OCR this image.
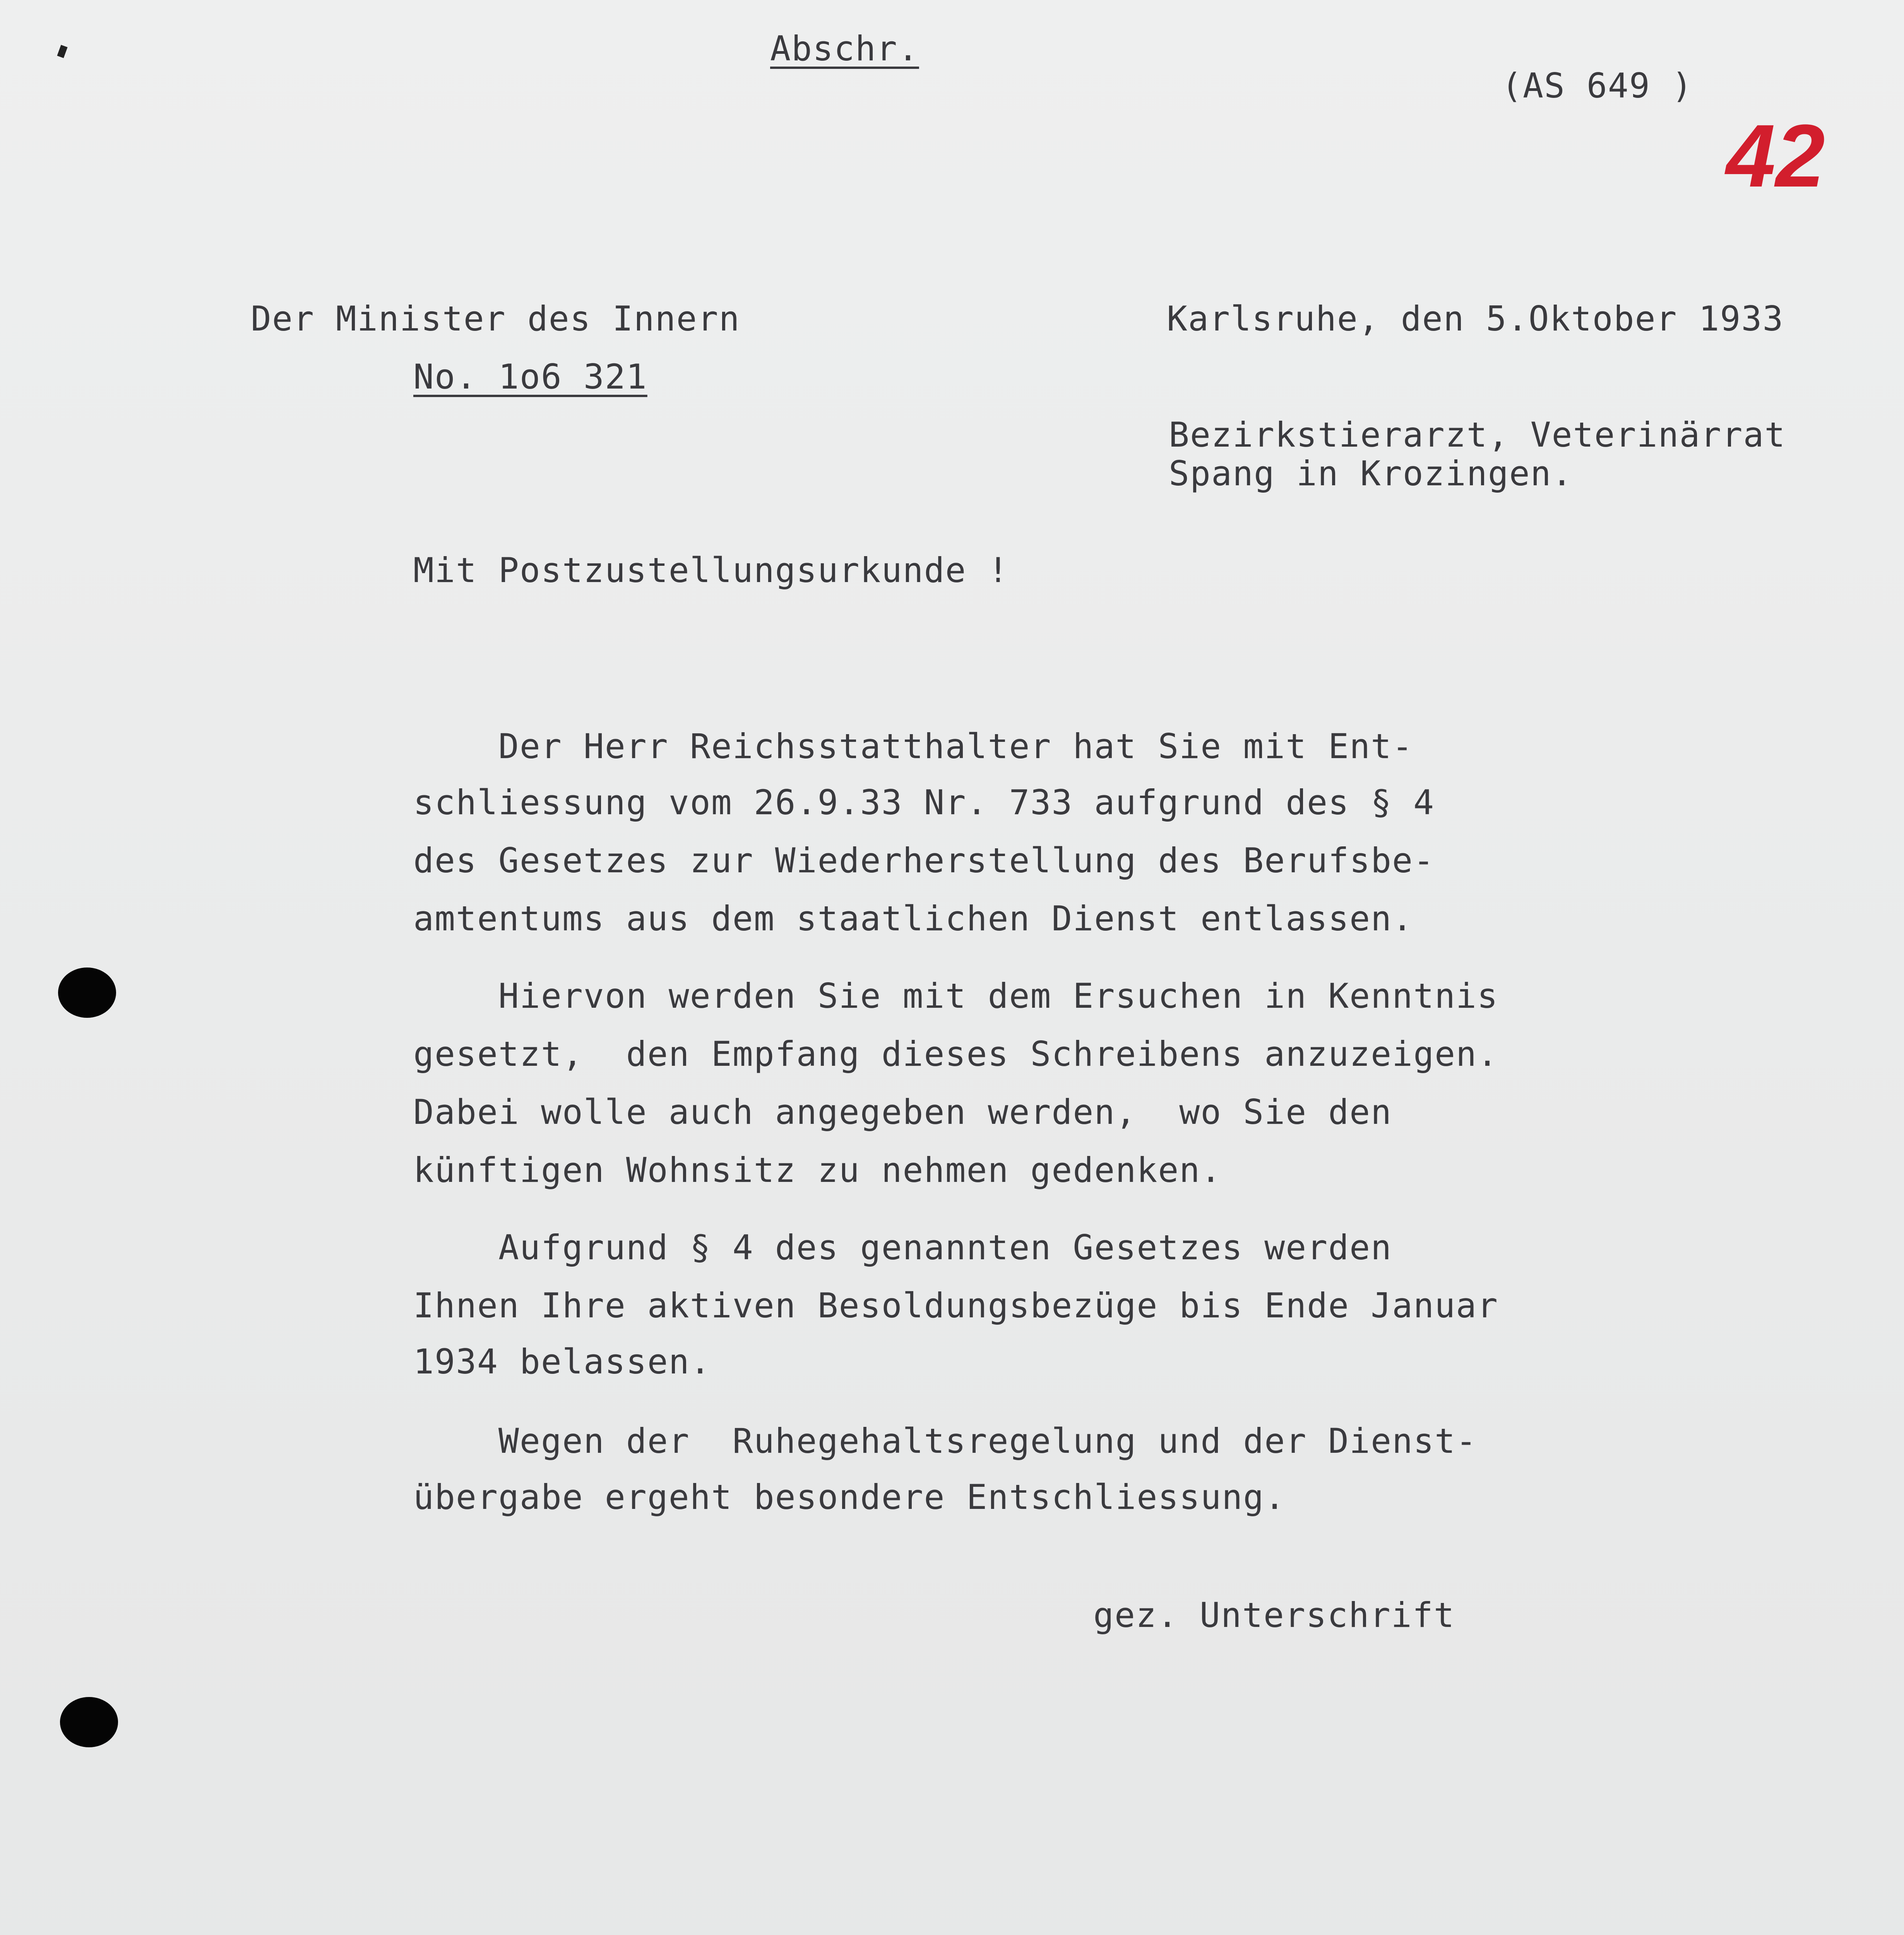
Abschr.
(AS 649 )
42
Der Minister des Innern
No. 1o6 321
Karlsruhe, den 5.Oktober 1933
Bezirkstierarzt, Veterinärrat
Spang in Krozingen.
Mit Postzustellungsurkunde !
Der Herr Reichsstatthalter hat Sie mit Ent-
schliessung vom 26.9.33 Nr. 733 aufgrund des § 4
des Gesetzes zur Wiederherstellung des Berufsbe-
amtentums aus dem staatlichen Dienst entlassen.
Hiervon werden Sie mit dem Ersuchen in Kenntnis
gesetzt,  den Empfang dieses Schreibens anzuzeigen.
Dabei wolle auch angegeben werden,  wo Sie den
künftigen Wohnsitz zu nehmen gedenken.
Aufgrund § 4 des genannten Gesetzes werden
Ihnen Ihre aktiven Besoldungsbezüge bis Ende Januar
1934 belassen.
Wegen der  Ruhegehaltsregelung und der Dienst-
übergabe ergeht besondere Entschliessung.
gez. Unterschrift
